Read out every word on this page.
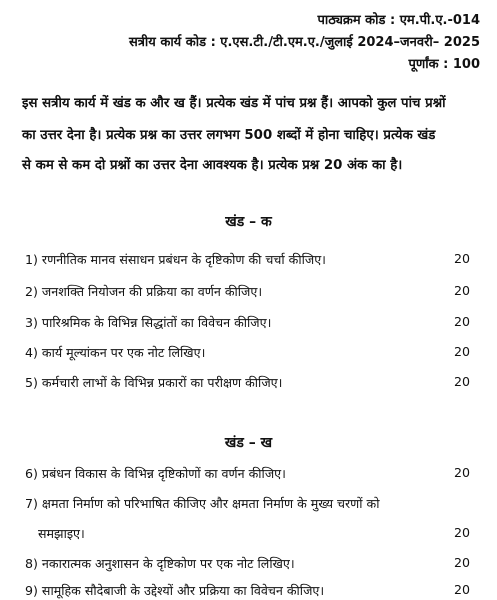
पाठ्यक्रम कोड : एम.पी.ए.-014
सत्रीय कार्य कोड : ए.एस.टी./टी.एम.ए./जुलाई 2024–जनवरी– 2025
पूर्णांक : 100
इस सत्रीय कार्य में खंड क और ख हैं। प्रत्येक खंड में पांच प्रश्न हैं। आपको कुल पांच प्रश्नों
का उत्तर देना है। प्रत्येक प्रश्न का उत्तर लगभग 500 शब्दों में होना चाहिए। प्रत्येक खंड
से कम से कम दो प्रश्नों का उत्तर देना आवश्यक है। प्रत्येक प्रश्न 20 अंक का है।
खंड – क
1) रणनीतिक मानव संसाधन प्रबंधन के दृष्टिकोण की चर्चा कीजिए।	20
2) जनशक्ति नियोजन की प्रक्रिया का वर्णन कीजिए।	20
3) पारिश्रमिक के विभिन्न सिद्धांतों का विवेचन कीजिए।	20
4) कार्य मूल्यांकन पर एक नोट लिखिए।	20
5) कर्मचारी लाभों के विभिन्न प्रकारों का परीक्षण कीजिए।	20
खंड – ख
6) प्रबंधन विकास के विभिन्न दृष्टिकोणों का वर्णन कीजिए।	20
7) क्षमता निर्माण को परिभाषित कीजिए और क्षमता निर्माण के मुख्य चरणों को
समझाइए।	20
8) नकारात्मक अनुशासन के दृष्टिकोण पर एक नोट लिखिए।	20
9) सामूहिक सौदेबाजी के उद्देश्यों और प्रक्रिया का विवेचन कीजिए।	20
